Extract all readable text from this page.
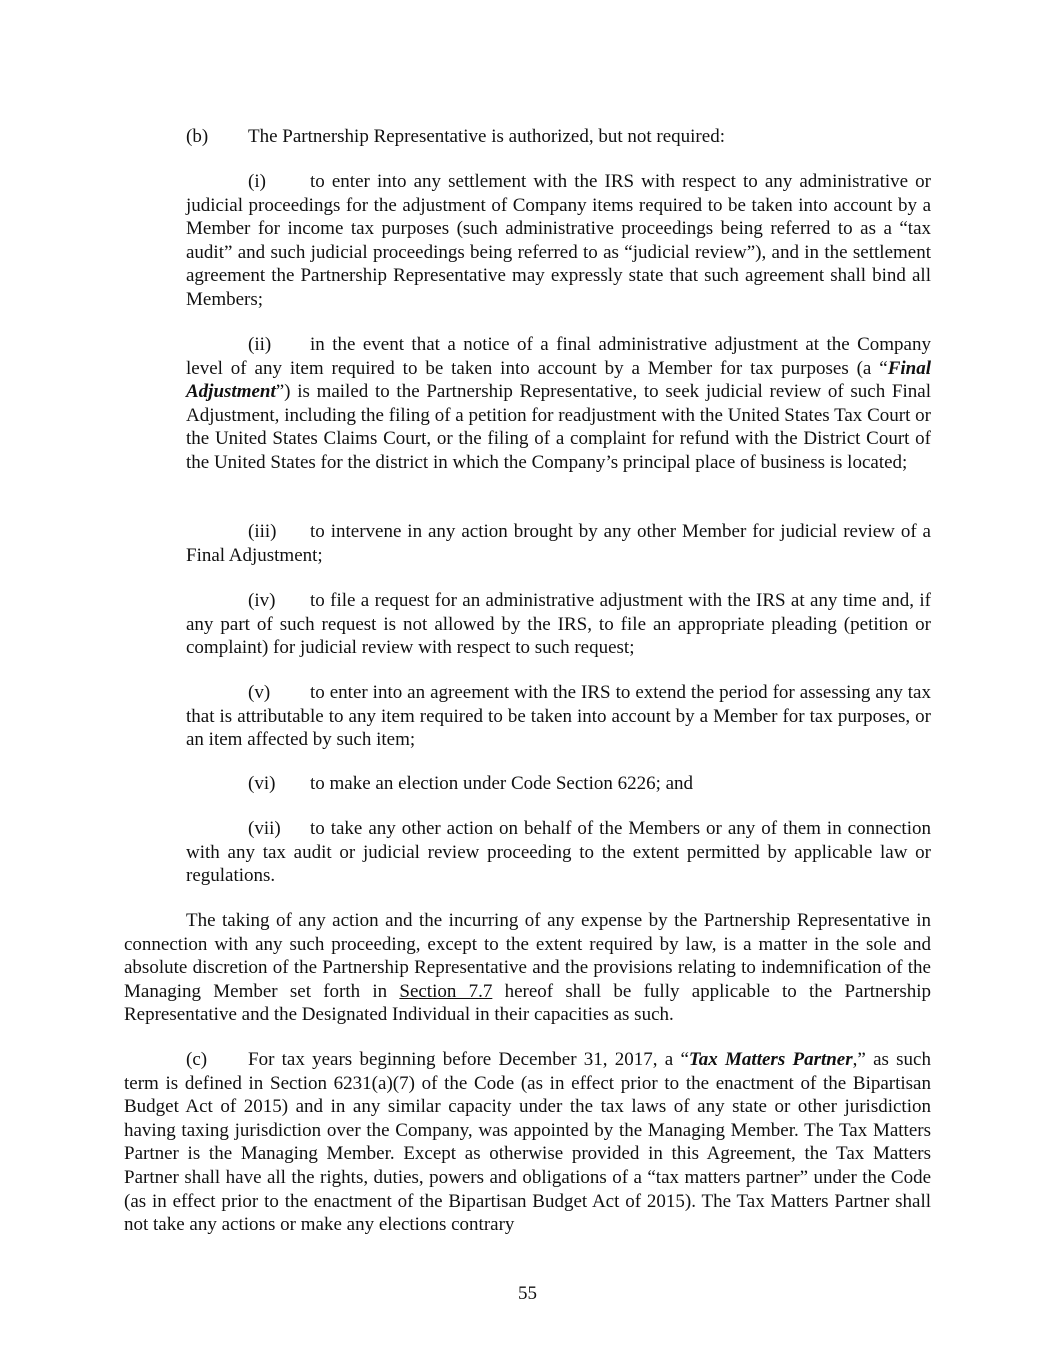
(b) The Partnership Representative is authorized, but not required:

(i) to enter into any settlement with the IRS with respect to any administrative or judicial proceedings for the adjustment of Company items required to be taken into account by a Member for income tax purposes (such administrative proceedings being referred to as a “tax audit” and such judicial proceedings being referred to as “judicial review”), and in the settlement agreement the Partnership Representative may expressly state that such agreement shall bind all Members;

(ii) in the event that a notice of a final administrative adjustment at the Company level of any item required to be taken into account by a Member for tax purposes (a “Final Adjustment”) is mailed to the Partnership Representative, to seek judicial review of such Final Adjustment, including the filing of a petition for readjustment with the United States Tax Court or the United States Claims Court, or the filing of a complaint for refund with the District Court of the United States for the district in which the Company’s principal place of business is located;

(iii) to intervene in any action brought by any other Member for judicial review of a Final Adjustment;

(iv) to file a request for an administrative adjustment with the IRS at any time and, if any part of such request is not allowed by the IRS, to file an appropriate pleading (petition or complaint) for judicial review with respect to such request;

(v) to enter into an agreement with the IRS to extend the period for assessing any tax that is attributable to any item required to be taken into account by a Member for tax purposes, or an item affected by such item;

(vi) to make an election under Code Section 6226; and

(vii) to take any other action on behalf of the Members or any of them in connection with any tax audit or judicial review proceeding to the extent permitted by applicable law or regulations.

The taking of any action and the incurring of any expense by the Partnership Representative in connection with any such proceeding, except to the extent required by law, is a matter in the sole and absolute discretion of the Partnership Representative and the provisions relating to indemnification of the Managing Member set forth in Section 7.7 hereof shall be fully applicable to the Partnership Representative and the Designated Individual in their capacities as such.

(c) For tax years beginning before December 31, 2017, a “Tax Matters Partner,” as such term is defined in Section 6231(a)(7) of the Code (as in effect prior to the enactment of the Bipartisan Budget Act of 2015) and in any similar capacity under the tax laws of any state or other jurisdiction having taxing jurisdiction over the Company, was appointed by the Managing Member. The Tax Matters Partner is the Managing Member. Except as otherwise provided in this Agreement, the Tax Matters Partner shall have all the rights, duties, powers and obligations of a “tax matters partner” under the Code (as in effect prior to the enactment of the Bipartisan Budget Act of 2015). The Tax Matters Partner shall not take any actions or make any elections contrary

55
